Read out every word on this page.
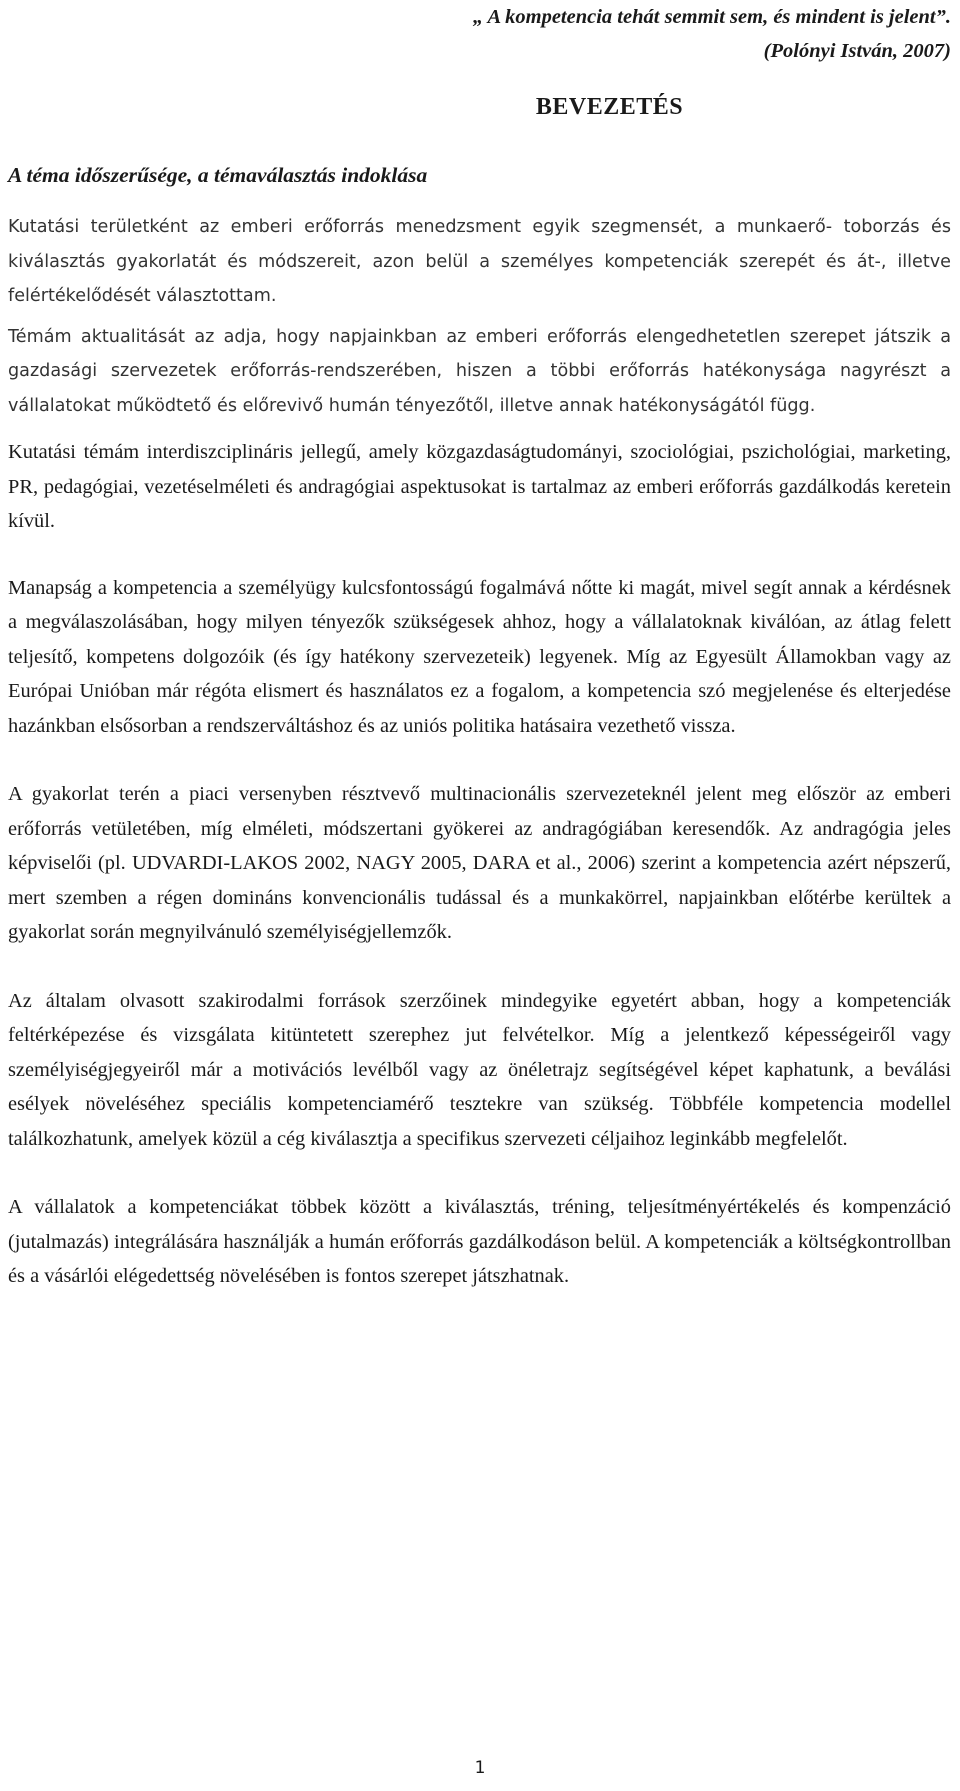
„ A kompetencia tehát semmit sem, és mindent is jelent”.

(Polónyi István, 2007)

BEVEZETÉS
A téma időszerűsége, a témaválasztás indoklása

Kutatási területként az emberi erőforrás menedzsment egyik szegmensét, a munkaerő- toborzás és kiválasztás gyakorlatát és módszereit, azon belül a személyes kompetenciák szerepét és át-, illetve felértékelődését választottam.

Témám aktualitását az adja, hogy napjainkban az emberi erőforrás elengedhetetlen szerepet játszik a gazdasági szervezetek erőforrás-rendszerében, hiszen a többi erőforrás hatékonysága nagyrészt a vállalatokat működtető és előrevivő humán tényezőtől, illetve annak hatékonyságától függ.

Kutatási témám interdiszciplináris jellegű, amely közgazdaságtudományi, szociológiai, pszichológiai, marketing, PR, pedagógiai, vezetéselméleti és andragógiai aspektusokat is tartalmaz az emberi erőforrás gazdálkodás keretein kívül.

Manapság a kompetencia a személyügy kulcsfontosságú fogalmává nőtte ki magát, mivel segít annak a kérdésnek a megválaszolásában, hogy milyen tényezők szükségesek ahhoz, hogy a vállalatoknak kiválóan, az átlag felett teljesítő, kompetens dolgozóik (és így hatékony szervezeteik) legyenek. Míg az Egyesült Államokban vagy az Európai Unióban már régóta elismert és használatos ez a fogalom, a kompetencia szó megjelenése és elterjedése hazánkban elsősorban a rendszerváltáshoz és az uniós politika hatásaira vezethető vissza.

A gyakorlat terén a piaci versenyben résztvevő multinacionális szervezeteknél jelent meg először az emberi erőforrás vetületében, míg elméleti, módszertani gyökerei az andragógiában keresendők. Az andragógia jeles képviselői (pl. UDVARDI-LAKOS 2002, NAGY 2005, DARA et al., 2006) szerint a kompetencia azért népszerű, mert szemben a régen domináns konvencionális tudással és a munkakörrel, napjainkban előtérbe kerültek a gyakorlat során megnyilvánuló személyiségjellemzők.

Az általam olvasott szakirodalmi források szerzőinek mindegyike egyetért abban, hogy a kompetenciák feltérképezése és vizsgálata kitüntetett szerephez jut felvételkor. Míg a jelentkező képességeiről vagy személyiségjegyeiről már a motivációs levélből vagy az önéletrajz segítségével képet kaphatunk, a beválási esélyek növeléséhez speciális kompetenciamérő tesztekre van szükség. Többféle kompetencia modellel találkozhatunk, amelyek közül a cég kiválasztja a specifikus szervezeti céljaihoz leginkább megfelelőt.

A vállalatok a kompetenciákat többek között a kiválasztás, tréning, teljesítményértékelés és kompenzáció (jutalmazás) integrálására használják a humán erőforrás gazdálkodáson belül. A kompetenciák a költségkontrollban és a vásárlói elégedettség növelésében is fontos szerepet játszhatnak.

1
